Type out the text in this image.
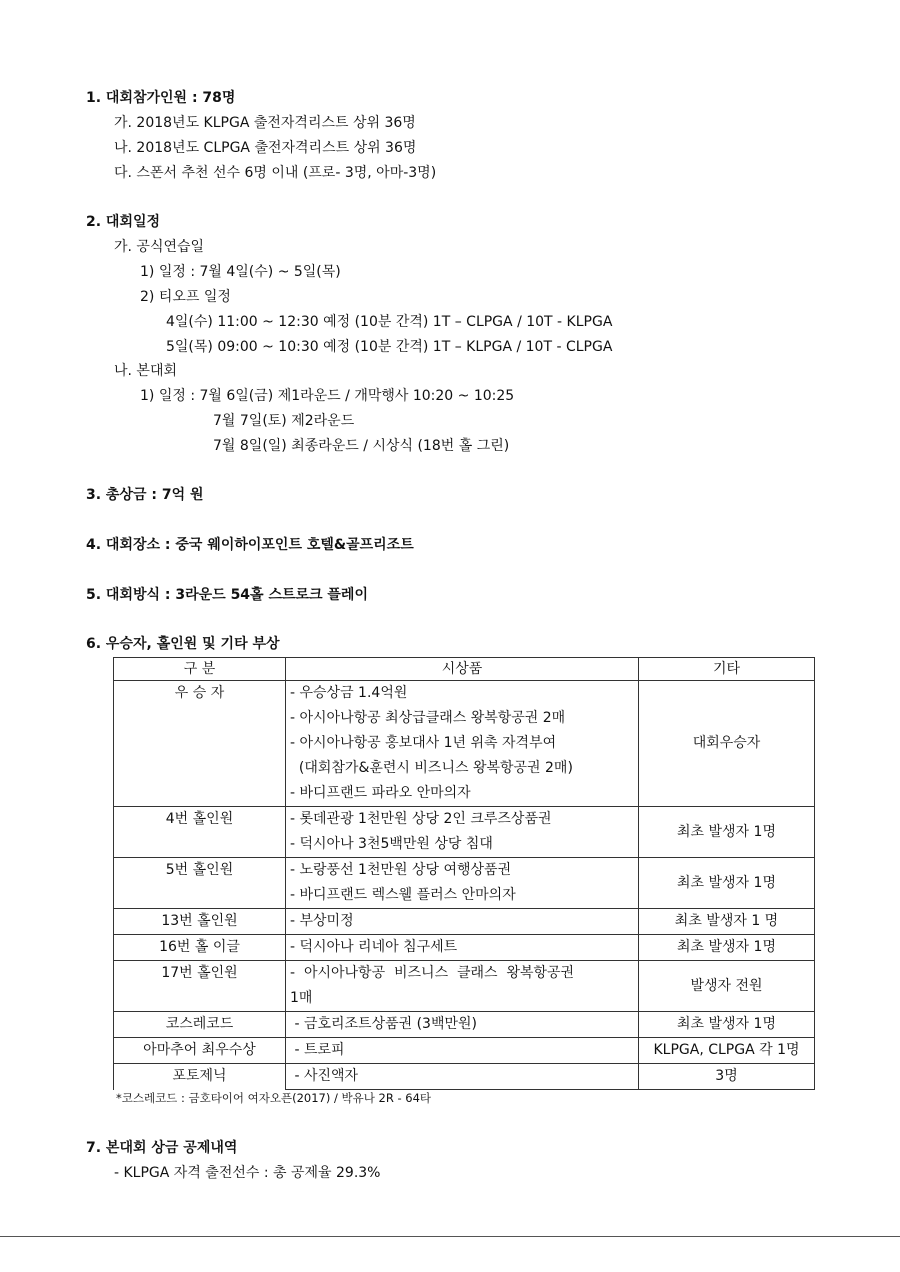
1. 대회참가인원 : 78명
가. 2018년도 KLPGA 출전자격리스트 상위 36명
나. 2018년도 CLPGA 출전자격리스트 상위 36명
다. 스폰서 추천 선수 6명 이내 (프로- 3명, 아마-3명)
2. 대회일정
가. 공식연습일
1) 일정 : 7월 4일(수) ~ 5일(목)
2) 티오프 일정
4일(수) 11:00 ~ 12:30 예정 (10분 간격) 1T – CLPGA / 10T - KLPGA
5일(목) 09:00 ~ 10:30 예정 (10분 간격) 1T – KLPGA / 10T - CLPGA
나. 본대회
1) 일정 : 7월 6일(금) 제1라운드 / 개막행사 10:20 ~ 10:25
7월 7일(토) 제2라운드
7월 8일(일) 최종라운드 / 시상식 (18번 홀 그린)
3. 총상금 : 7억 원
4. 대회장소 : 중국 웨이하이포인트 호텔&골프리조트
5. 대회방식 : 3라운드 54홀 스트로크 플레이
6. 우승자, 홀인원 및 기타 부상
구 분	시상품	기타
우 승 자	- 우승상금 1.4억원
- 아시아나항공 최상급클래스 왕복항공권 2매
- 아시아나항공 홍보대사 1년 위촉 자격부여
(대회참가&훈련시 비즈니스 왕복항공권 2매)
- 바디프랜드 파라오 안마의자	대회우승자
4번 홀인원	- 롯데관광 1천만원 상당 2인 크루즈상품권
- 덕시아나 3천5백만원 상당 침대	최초 발생자 1명
5번 홀인원	- 노랑풍선 1천만원 상당 여행상품권
- 바디프랜드 렉스웰 플러스 안마의자	최초 발생자 1명
13번 홀인원	- 부상미정	최초 발생자 1 명
16번 홀 이글	- 덕시아나 리네아 침구세트	최초 발생자 1명
17번 홀인원	-  아시아나항공  비즈니스  클래스  왕복항공권
1매	발생자 전원
코스레코드	- 금호리조트상품권 (3백만원)	최초 발생자 1명
아마추어 최우수상	- 트로피	KLPGA, CLPGA 각 1명
포토제닉	- 사진액자	3명
*코스레코드 : 금호타이어 여자오픈(2017) / 박유나 2R - 64타
7. 본대회 상금 공제내역
- KLPGA 자격 출전선수 : 총 공제율 29.3%
